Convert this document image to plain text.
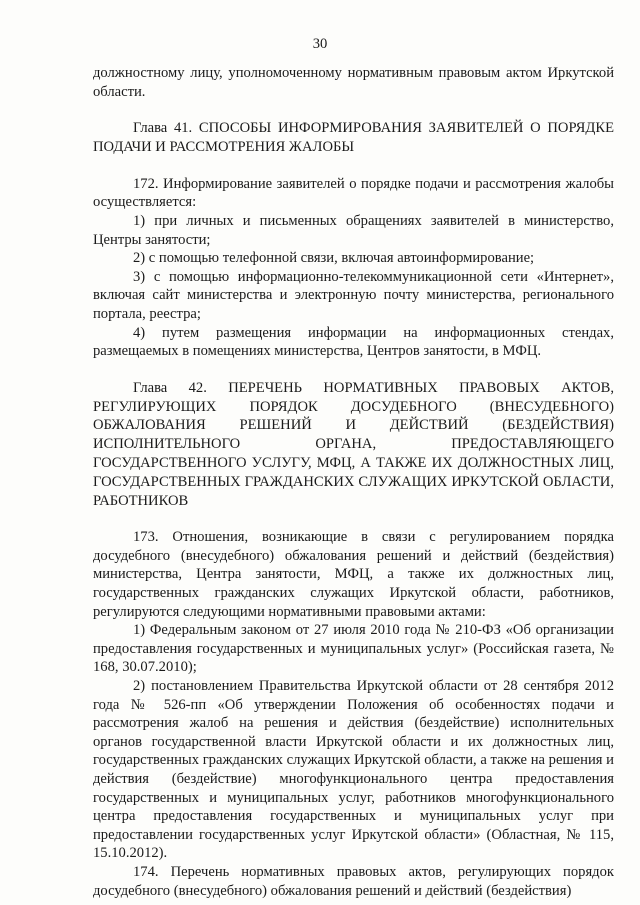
30

должностному лицу, уполномоченному нормативным правовым актом Иркутской области.

Глава 41. СПОСОБЫ ИНФОРМИРОВАНИЯ ЗАЯВИТЕЛЕЙ О ПОРЯДКЕ ПОДАЧИ И РАССМОТРЕНИЯ ЖАЛОБЫ

172. Информирование заявителей о порядке подачи и рассмотрения жалобы осуществляется:

1) при личных и письменных обращениях заявителей в министерство, Центры занятости;

2) с помощью телефонной связи, включая автоинформирование;

3) с помощью информационно-телекоммуникационной сети «Интернет», включая сайт министерства и электронную почту министерства, регионального портала, реестра;

4) путем размещения информации на информационных стендах, размещаемых в помещениях министерства, Центров занятости, в МФЦ.

Глава 42. ПЕРЕЧЕНЬ НОРМАТИВНЫХ ПРАВОВЫХ АКТОВ, РЕГУЛИРУЮЩИХ ПОРЯДОК ДОСУДЕБНОГО (ВНЕСУДЕБНОГО) ОБЖАЛОВАНИЯ РЕШЕНИЙ И ДЕЙСТВИЙ (БЕЗДЕЙСТВИЯ) ИСПОЛНИТЕЛЬНОГО ОРГАНА, ПРЕДОСТАВЛЯЮЩЕГО ГОСУДАРСТВЕННОГО УСЛУГУ, МФЦ, А ТАКЖЕ ИХ ДОЛЖНОСТНЫХ ЛИЦ, ГОСУДАРСТВЕННЫХ ГРАЖДАНСКИХ СЛУЖАЩИХ ИРКУТСКОЙ ОБЛАСТИ, РАБОТНИКОВ

173. Отношения, возникающие в связи с регулированием порядка досудебного (внесудебного) обжалования решений и действий (бездействия) министерства, Центра занятости, МФЦ, а также их должностных лиц, государственных гражданских служащих Иркутской области, работников, регулируются следующими нормативными правовыми актами:

1) Федеральным законом от 27 июля 2010 года № 210-ФЗ «Об организации предоставления государственных и муниципальных услуг» (Российская газета, № 168, 30.07.2010);

2) постановлением Правительства Иркутской области от 28 сентября 2012 года № 526-пп «Об утверждении Положения об особенностях подачи и рассмотрения жалоб на решения и действия (бездействие) исполнительных органов государственной власти Иркутской области и их должностных лиц, государственных гражданских служащих Иркутской области, а также на решения и действия (бездействие) многофункционального центра предоставления государственных и муниципальных услуг, работников многофункционального центра предоставления государственных и муниципальных услуг при предоставлении государственных услуг Иркутской области» (Областная, № 115, 15.10.2012).

174. Перечень нормативных правовых актов, регулирующих порядок досудебного (внесудебного) обжалования решений и действий (бездействия)
